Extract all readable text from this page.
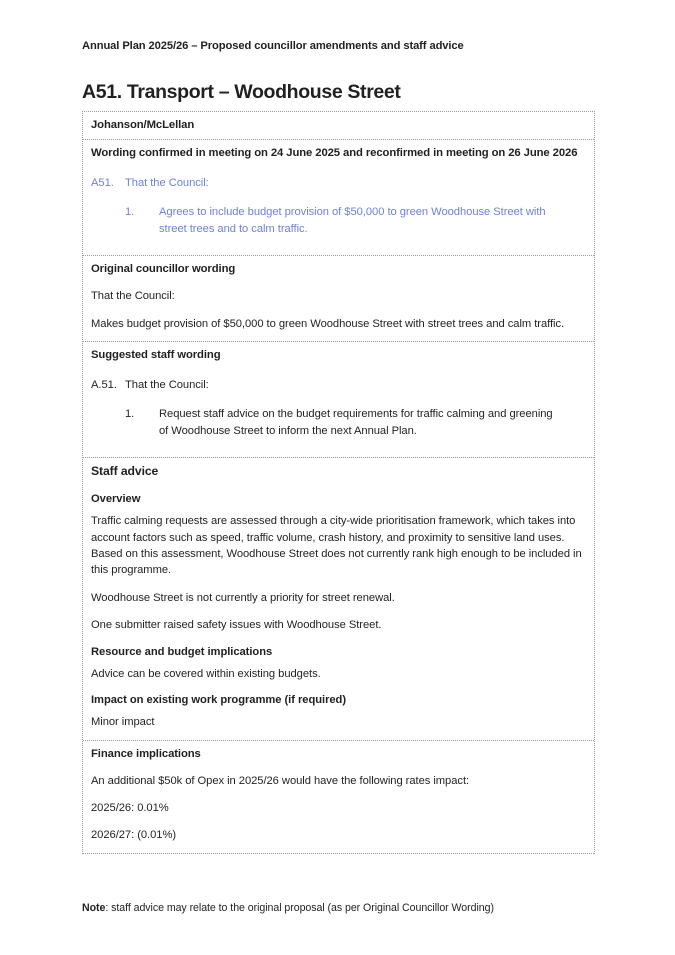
Annual Plan 2025/26 – Proposed councillor amendments and staff advice
A51. Transport – Woodhouse Street
Johanson/McLellan
Wording confirmed in meeting on 24 June 2025 and reconfirmed in meeting on 26 June 2026
A51. That the Council:
1.	Agrees to include budget provision of $50,000 to green Woodhouse Street with street trees and to calm traffic.
Original councillor wording

That the Council:

Makes budget provision of $50,000 to green Woodhouse Street with street trees and calm traffic.

Suggested staff wording
A.51. That the Council:
1.	Request staff advice on the budget requirements for traffic calming and greening of Woodhouse Street to inform the next Annual Plan.
Staff advice
Overview

Traffic calming requests are assessed through a city-wide prioritisation framework, which takes into account factors such as speed, traffic volume, crash history, and proximity to sensitive land uses. Based on this assessment, Woodhouse Street does not currently rank high enough to be included in this programme.

Woodhouse Street is not currently a priority for street renewal.

One submitter raised safety issues with Woodhouse Street.

Resource and budget implications

Advice can be covered within existing budgets.

Impact on existing work programme (if required)

Minor impact

Finance implications

An additional $50k of Opex in 2025/26 would have the following rates impact:

2025/26: 0.01%

2026/27: (0.01%)

Note: staff advice may relate to the original proposal (as per Original Councillor Wording)
